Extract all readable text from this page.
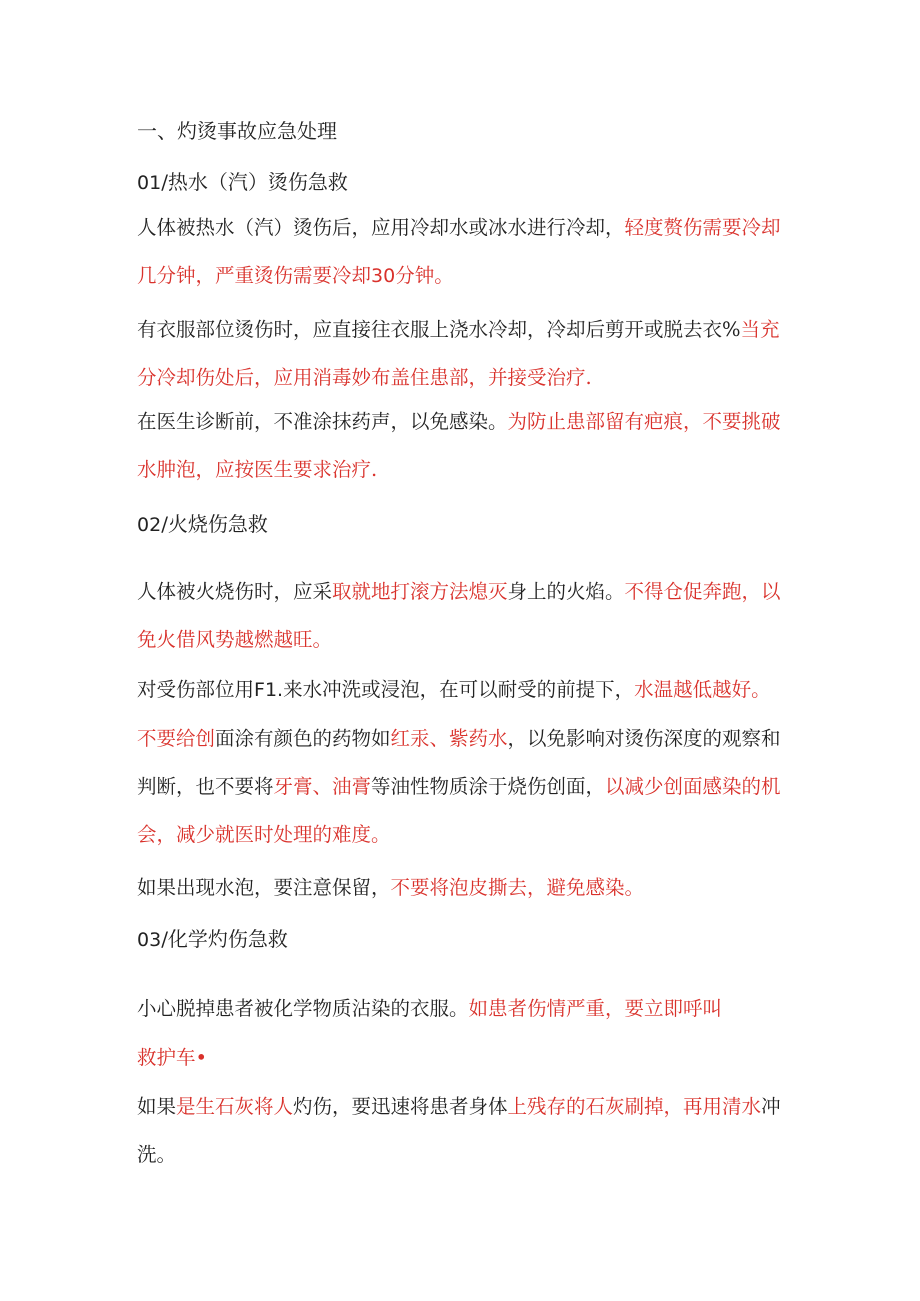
一、灼烫事故应急处理
01/热水（汽）烫伤急救

人体被热水（汽）烫伤后，应用冷却水或冰水进行冷却，轻度赘伤需要冷却几分钟，严重烫伤需要冷却30分钟。

有衣服部位烫伤时，应直接往衣服上浇水冷却，冷却后剪开或脱去衣%当充分冷却伤处后，应用消毒妙布盖住患部，并接受治疗.

在医生诊断前，不准涂抹药声，以免感染。为防止患部留有疤痕，不要挑破水肿泡，应按医生要求治疗.

02/火烧伤急救

人体被火烧伤时，应采取就地打滚方法熄灭身上的火焰。不得仓促奔跑，以免火借风势越燃越旺。

对受伤部位用F1.来水冲洗或浸泡，在可以耐受的前提下，水温越低越好。

不要给创面涂有颜色的药物如红汞、紫药水，以免影响对烫伤深度的观察和判断，也不要将牙膏、油膏等油性物质涂于烧伤创面，以减少创面感染的机会，减少就医时处理的难度。

如果出现水泡，要注意保留，不要将泡皮撕去，避免感染。

03/化学灼伤急救

小心脱掉患者被化学物质沾染的衣服。如患者伤情严重，要立即呼叫

救护车•

如果是生石灰将人灼伤，要迅速将患者身体上残存的石灰刷掉，再用清水冲洗。
